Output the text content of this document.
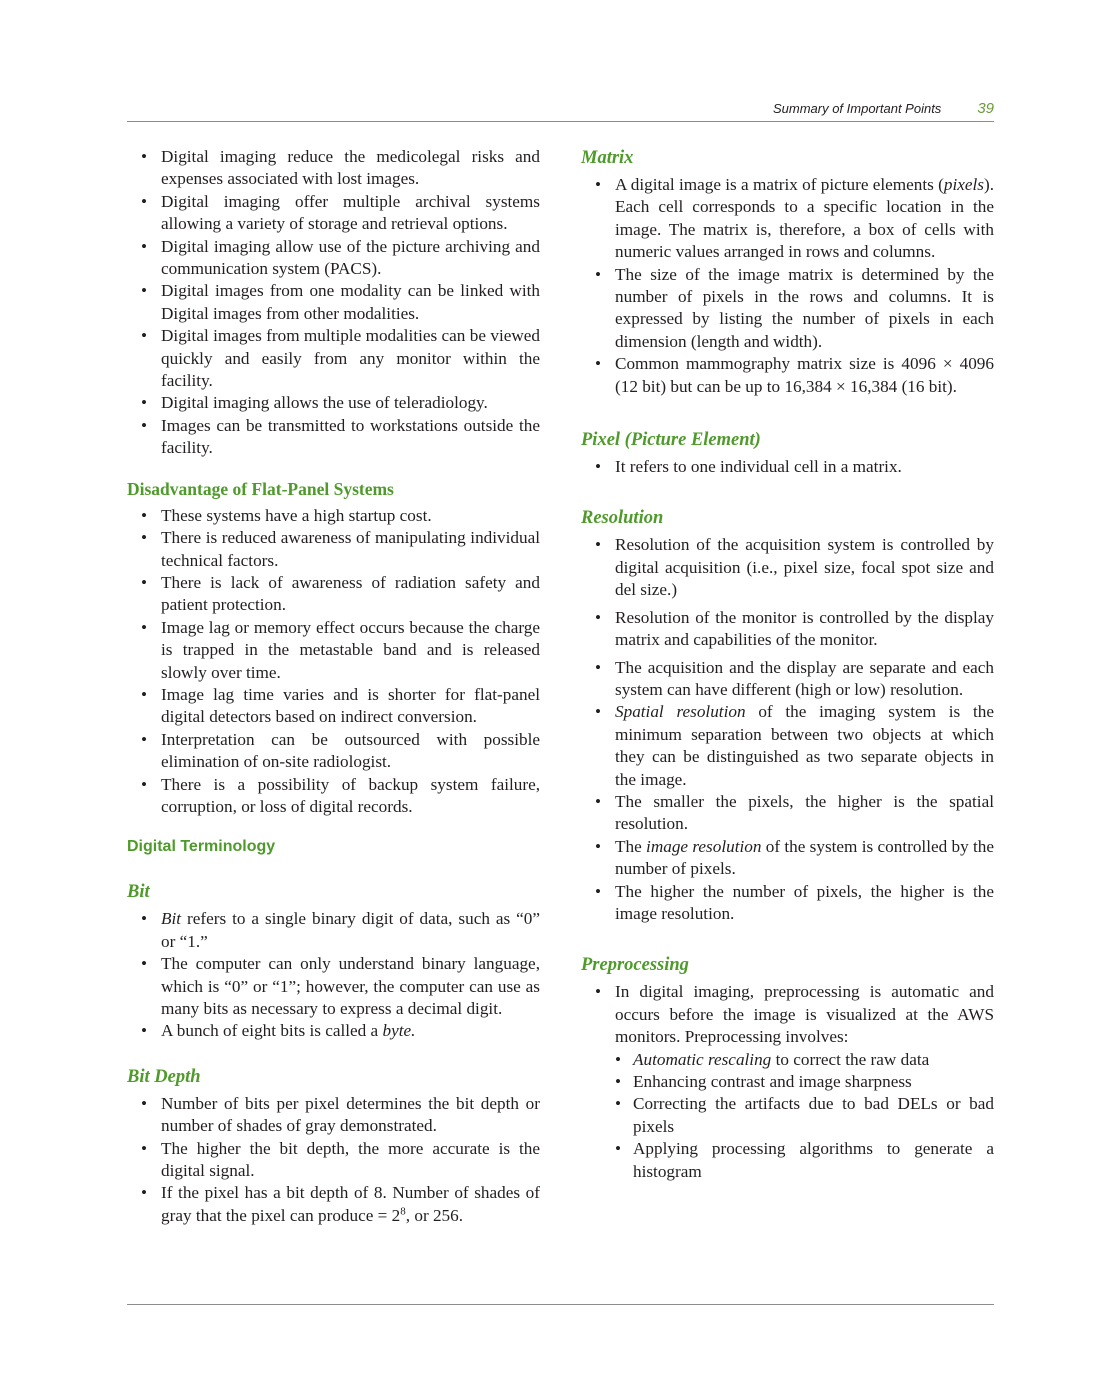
Summary of Important Points 39
• Digital imaging reduce the medicolegal risks and expenses associated with lost images.
• Digital imaging offer multiple archival systems allowing a variety of storage and retrieval options.
• Digital imaging allow use of the picture archiving and communication system (PACS).
• Digital images from one modality can be linked with Digital images from other modalities.
• Digital images from multiple modalities can be viewed quickly and easily from any monitor within the facility.
• Digital imaging allows the use of teleradiology.
• Images can be transmitted to workstations outside the facility.
Disadvantage of Flat-Panel Systems
• These systems have a high startup cost.
• There is reduced awareness of manipulating individual technical factors.
• There is lack of awareness of radiation safety and patient protection.
• Image lag or memory effect occurs because the charge is trapped in the metastable band and is released slowly over time.
• Image lag time varies and is shorter for flat-panel digital detectors based on indirect conversion.
• Interpretation can be outsourced with possible elimination of on-site radiologist.
• There is a possibility of backup system failure, corruption, or loss of digital records.
Digital Terminology
Bit
• Bit refers to a single binary digit of data, such as “0” or “1.”
• The computer can only understand binary language, which is “0” or “1”; however, the computer can use as many bits as necessary to express a decimal digit.
• A bunch of eight bits is called a byte.
Bit Depth
• Number of bits per pixel determines the bit depth or number of shades of gray demonstrated.
• The higher the bit depth, the more accurate is the digital signal.
• If the pixel has a bit depth of 8. Number of shades of gray that the pixel can produce = $2^8$, or 256.
Matrix
• A digital image is a matrix of picture elements (pixels). Each cell corresponds to a specific location in the image. The matrix is, therefore, a box of cells with numeric values arranged in rows and columns.
• The size of the image matrix is determined by the number of pixels in the rows and columns. It is expressed by listing the number of pixels in each dimension (length and width).
• Common mammography matrix size is 4096 × 4096 (12 bit) but can be up to 16,384 × 16,384 (16 bit).
Pixel (Picture Element)
• It refers to one individual cell in a matrix.
Resolution
• Resolution of the acquisition system is controlled by digital acquisition (i.e., pixel size, focal spot size and del size.)
• Resolution of the monitor is controlled by the display matrix and capabilities of the monitor.
• The acquisition and the display are separate and each system can have different (high or low) resolution.
• Spatial resolution of the imaging system is the minimum separation between two objects at which they can be distinguished as two separate objects in the image.
• The smaller the pixels, the higher is the spatial resolution.
• The image resolution of the system is controlled by the number of pixels.
• The higher the number of pixels, the higher is the image resolution.
Preprocessing
• In digital imaging, preprocessing is automatic and occurs before the image is visualized at the AWS monitors. Preprocessing involves:
• Automatic rescaling to correct the raw data
• Enhancing contrast and image sharpness
• Correcting the artifacts due to bad DELs or bad pixels
• Applying processing algorithms to generate a histogram
